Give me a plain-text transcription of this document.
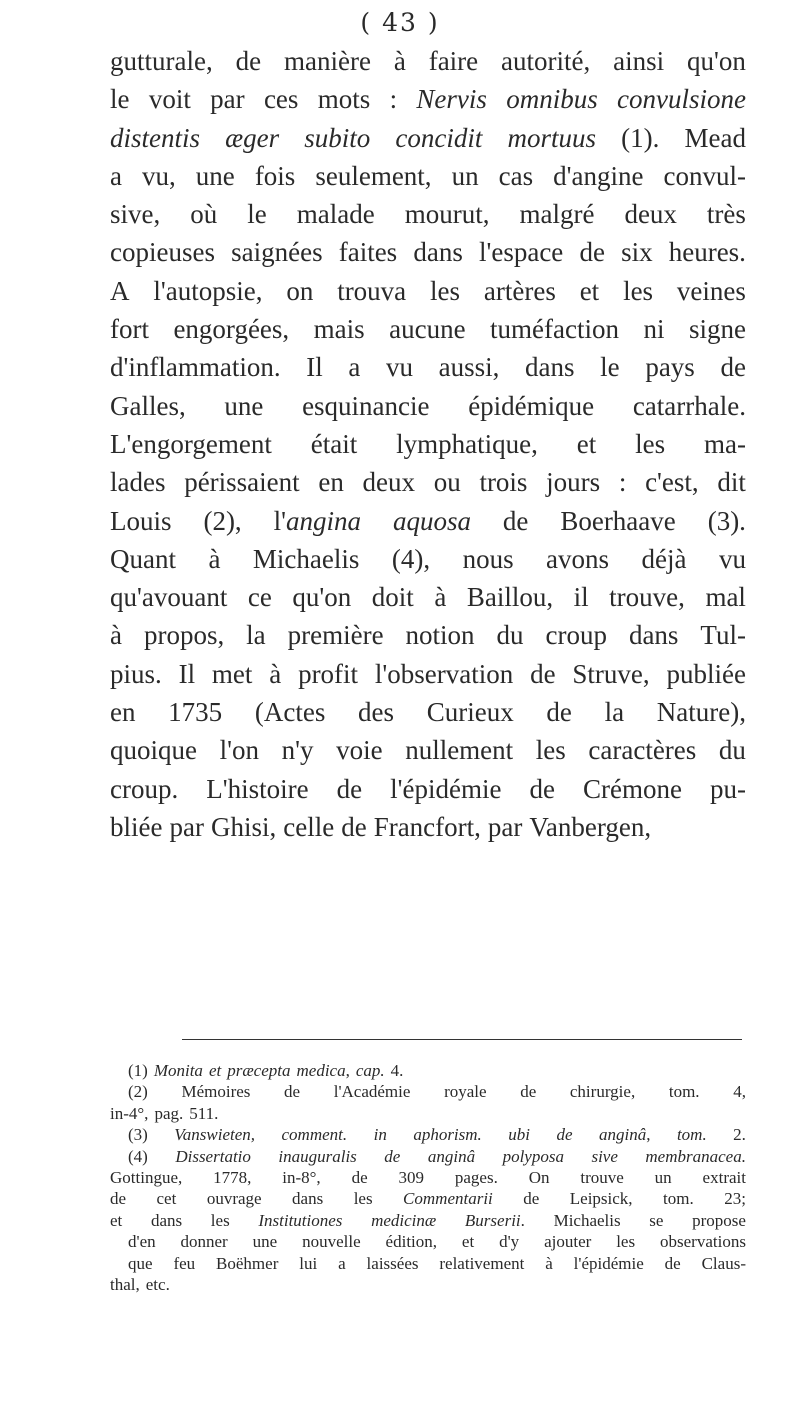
( 43 )
gutturale, de manière à faire autorité, ainsi qu'on
le voit par ces mots : Nervis omnibus convulsione
distentis æger subito concidit mortuus (1). Mead
a vu, une fois seulement, un cas d'angine convul-
sive, où le malade mourut, malgré deux très
copieuses saignées faites dans l'espace de six heures.
A l'autopsie, on trouva les artères et les veines
fort engorgées, mais aucune tuméfaction ni signe
d'inflammation. Il a vu aussi, dans le pays de
Galles, une esquinancie épidémique catarrhale.
L'engorgement était lymphatique, et les ma-
lades périssaient en deux ou trois jours : c'est, dit
Louis (2), l'angina aquosa de Boerhaave (3).
Quant à Michaelis (4), nous avons déjà vu
qu'avouant ce qu'on doit à Baillou, il trouve, mal
à propos, la première notion du croup dans Tul-
pius. Il met à profit l'observation de Struve, publiée
en 1735 (Actes des Curieux de la Nature),
quoique l'on n'y voie nullement les caractères du
croup. L'histoire de l'épidémie de Crémone pu-
bliée par Ghisi, celle de Francfort, par Vanbergen,
(1) Monita et præcepta medica, cap. 4.
(2) Mémoires de l'Académie royale de chirurgie, tom. 4,
in-4°, pag. 511.
(3) Vanswieten, comment. in aphorism. ubi de anginâ, tom. 2.
(4) Dissertatio inauguralis de anginâ polyposa sive membranacea.
Gottingue, 1778, in-8°, de 309 pages. On trouve un extrait
de cet ouvrage dans les Commentarii de Leipsick, tom. 23;
et dans les Institutiones medicinæ Burserii. Michaelis se propose
d'en donner une nouvelle édition, et d'y ajouter les observations
que feu Boëhmer lui a laissées relativement à l'épidémie de Claus-
thal, etc.
